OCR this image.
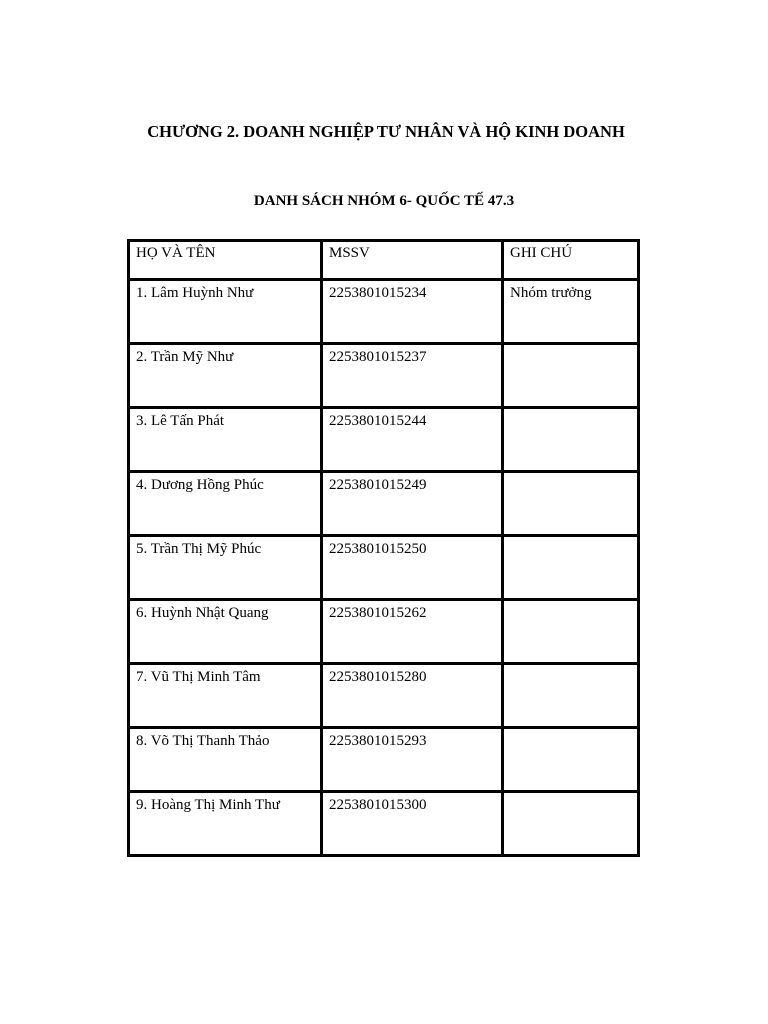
CHƯƠNG 2. DOANH NGHIỆP TƯ NHÂN VÀ HỘ KINH DOANH
DANH SÁCH NHÓM 6- QUỐC TẾ 47.3
HỌ VÀ TÊN	MSSV	GHI CHÚ
1. Lâm Huỳnh Như	2253801015234	Nhóm trưởng
2. Trần Mỹ Như	2253801015237	
3. Lê Tấn Phát	2253801015244	
4. Dương Hồng Phúc	2253801015249	
5. Trần Thị Mỹ Phúc	2253801015250	
6. Huỳnh Nhật Quang	2253801015262	
7. Vũ Thị Minh Tâm	2253801015280	
8. Võ Thị Thanh Thảo	2253801015293	
9. Hoàng Thị Minh Thư	2253801015300	
